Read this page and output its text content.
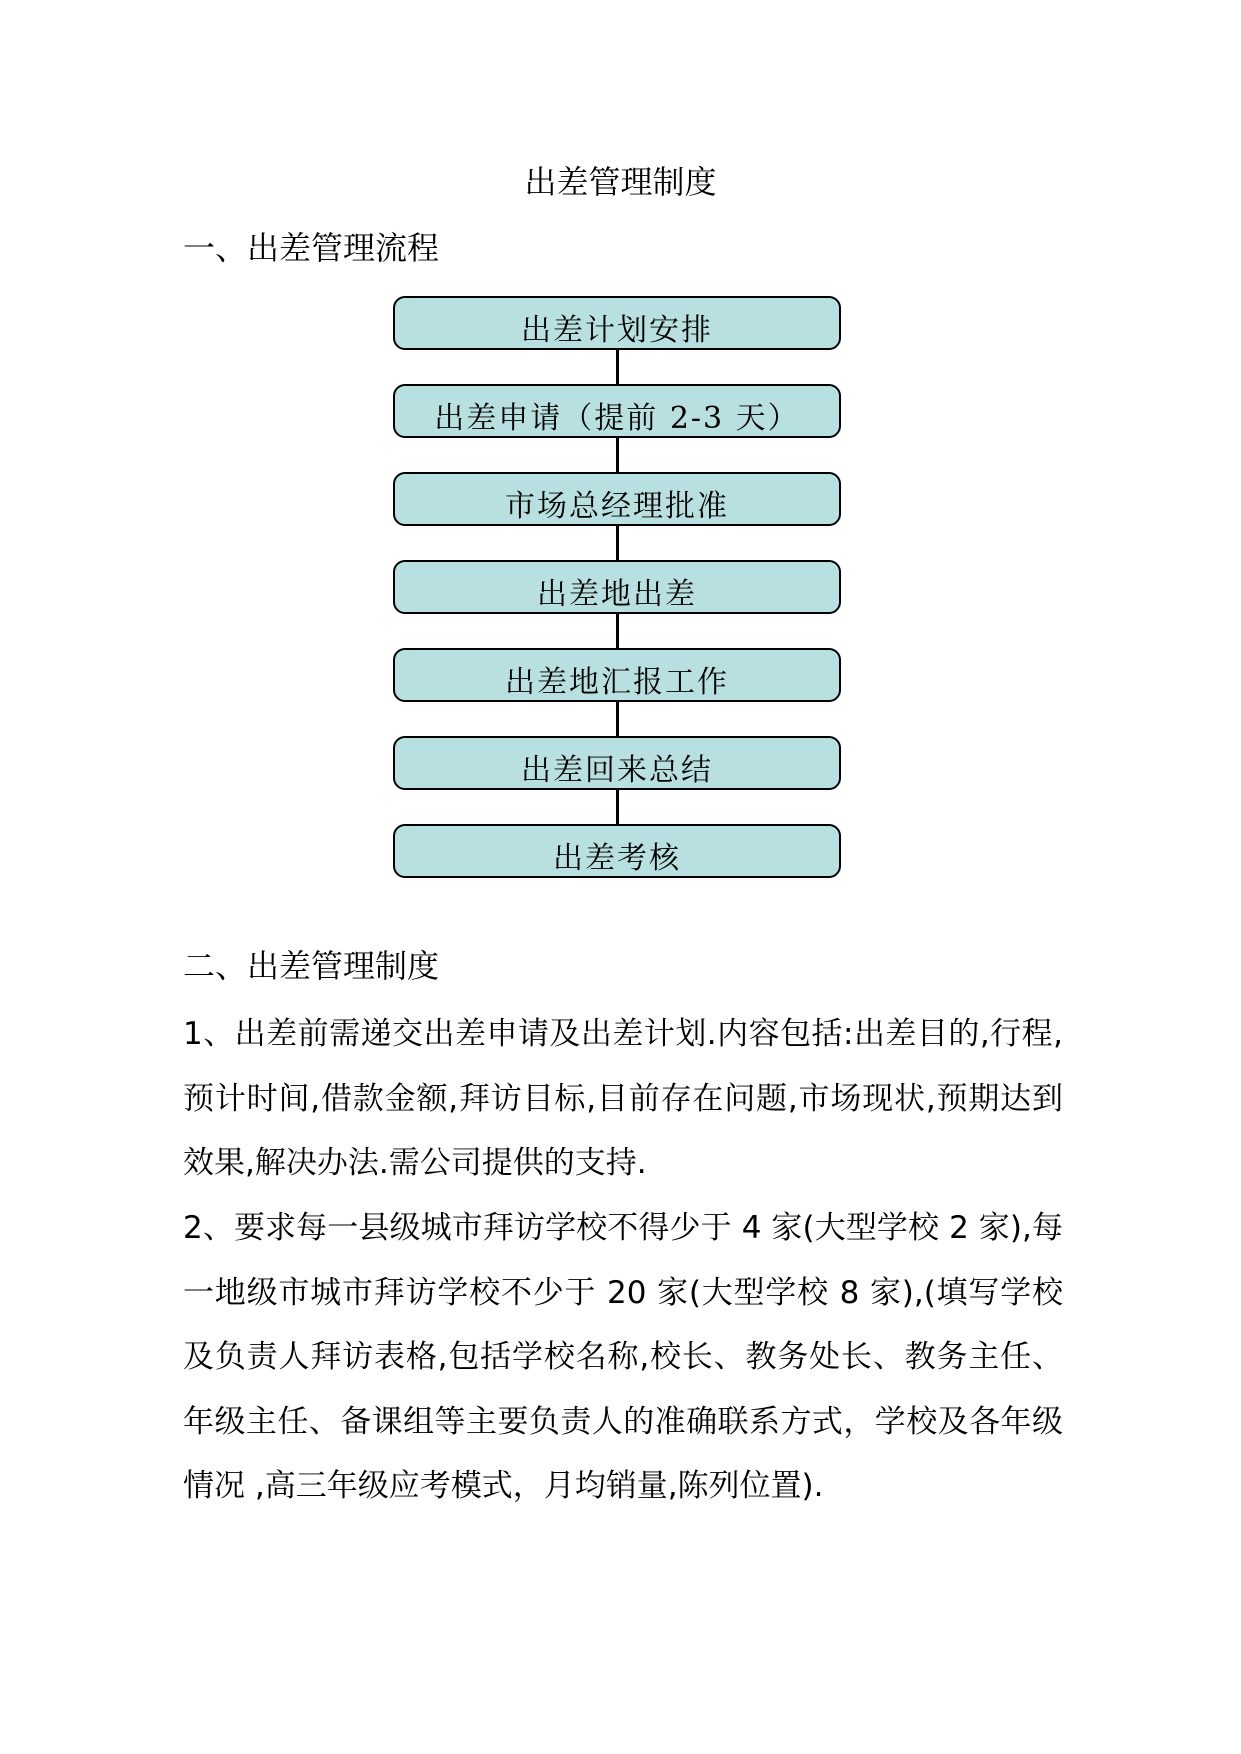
出差管理制度
一、出差管理流程
出差计划安排
出差申请（提前 2-3 天）
市场总经理批准
出差地出差
出差地汇报工作
出差回来总结
出差考核
二、出差管理制度

1、出差前需递交出差申请及出差计划.内容包括:出差目的,行程,预计时间,借款金额,拜访目标,目前存在问题,市场现状,预期达到效果,解决办法.需公司提供的支持.

2、要求每一县级城市拜访学校不得少于 4 家(大型学校 2 家),每一地级市城市拜访学校不少于 20 家(大型学校 8 家),(填写学校及负责人拜访表格,包括学校名称,校长、教务处长、教务主任、年级主任、备课组等主要负责人的准确联系方式，学校及各年级情况 ,高三年级应考模式，月均销量,陈列位置).
